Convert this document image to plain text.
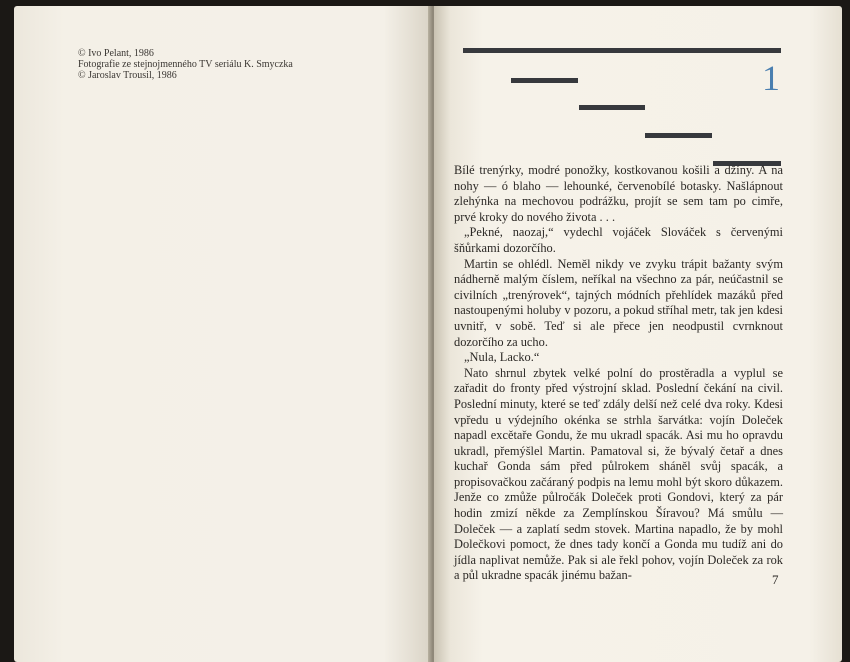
© Ivo Pelant, 1986
Fotografie ze stejnojmenného TV seriálu K. Smyczka
© Jaroslav Trousil, 1986	1

Bílé trenýrky, modré ponožky, kostkovanou košili a džíny. A na nohy — ó blaho — lehounké, červenobílé botasky. Našlápnout zlehýnka na mechovou podrážku, projít se sem tam po cimře, prvé kroky do nového života . . .

„Pekné, naozaj,“ vydechl vojáček Slováček s červenými šňůrkami dozorčího.

Martin se ohlédl. Neměl nikdy ve zvyku trápit bažanty svým nádherně malým číslem, neříkal na všechno za pár, neúčastnil se civilních „trenýrovek“, tajných módních přehlídek mazáků před nastoupenými holuby v pozoru, a pokud stříhal metr, tak jen kdesi uvnitř, v sobě. Teď si ale přece jen neodpustil cvrnknout dozorčího za ucho.

„Nula, Lacko.“

Nato shrnul zbytek velké polní do prostěradla a vyplul se zařadit do fronty před výstrojní sklad. Poslední čekání na civil. Poslední minuty, které se teď zdály delší než celé dva roky. Kdesi vpředu u výdejního okénka se strhla šarvátka: vojín Doleček napadl excětaře Gondu, že mu ukradl spacák. Asi mu ho opravdu ukradl, přemýšlel Martin. Pamatoval si, že bývalý četař a dnes kuchař Gonda sám před půlrokem sháněl svůj spacák, a propisovačkou začáraný podpis na lemu mohl být skoro důkazem. Jenže co zmůže půlročák Doleček proti Gondovi, který za pár hodin zmizí někde za Zemplínskou Šíravou? Má smůlu — Doleček — a zaplatí sedm stovek. Martina napadlo, že by mohl Dolečkovi pomoct, že dnes tady končí a Gonda mu tudíž ani do jídla naplivat nemůže. Pak si ale řekl pohov, vojín Doleček za rok a půl ukradne spacák jinému bažan-	7
